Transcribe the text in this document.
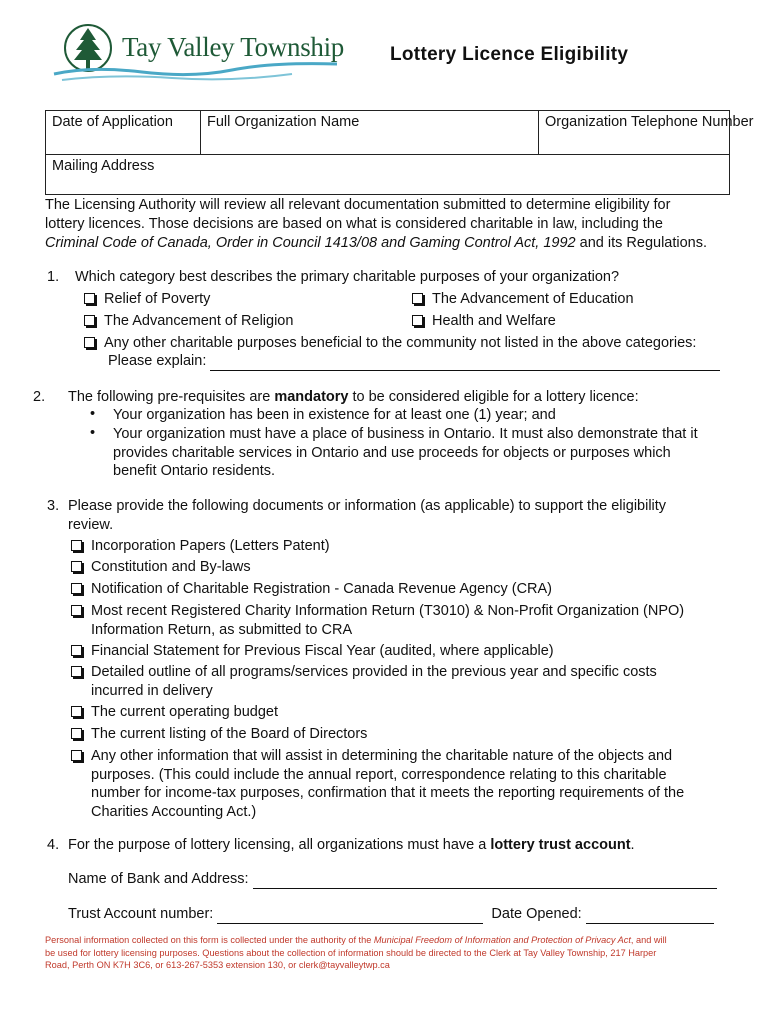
Tay Valley Township Lottery Licence Eligibility
Date of Application	Full Organization Name	Organization Telephone Number
Mailing Address
The Licensing Authority will review all relevant documentation submitted to determine eligibility for
lottery licences. Those decisions are based on what is considered charitable in law, including the
Criminal Code of Canada, Order in Council 1413/08 and Gaming Control Act, 1992 and its Regulations.
1. Which category best describes the primary charitable purposes of your organization?
Relief of Poverty	The Advancement of Education
The Advancement of Religion	Health and Welfare
Any other charitable purposes beneficial to the community not listed in the above categories:
Please explain:
2. The following pre-requisites are mandatory to be considered eligible for a lottery licence:
• Your organization has been in existence for at least one (1) year; and
• Your organization must have a place of business in Ontario. It must also demonstrate that it
provides charitable services in Ontario and use proceeds for objects or purposes which
benefit Ontario residents.
3. Please provide the following documents or information (as applicable) to support the eligibility
review.
Incorporation Papers (Letters Patent)
Constitution and By-laws
Notification of Charitable Registration - Canada Revenue Agency (CRA)
Most recent Registered Charity Information Return (T3010) & Non-Profit Organization (NPO)
Information Return, as submitted to CRA
Financial Statement for Previous Fiscal Year (audited, where applicable)
Detailed outline of all programs/services provided in the previous year and specific costs
incurred in delivery
The current operating budget
The current listing of the Board of Directors
Any other information that will assist in determining the charitable nature of the objects and
purposes. (This could include the annual report, correspondence relating to this charitable
number for income-tax purposes, confirmation that it meets the reporting requirements of the
Charities Accounting Act.)
4. For the purpose of lottery licensing, all organizations must have a lottery trust account.
Name of Bank and Address:
Trust Account number:	Date Opened:
Personal information collected on this form is collected under the authority of the Municipal Freedom of Information and Protection of Privacy Act, and will
be used for lottery licensing purposes. Questions about the collection of information should be directed to the Clerk at Tay Valley Township, 217 Harper
Road, Perth ON K7H 3C6, or 613-267-5353 extension 130, or clerk@tayvalleytwp.ca
